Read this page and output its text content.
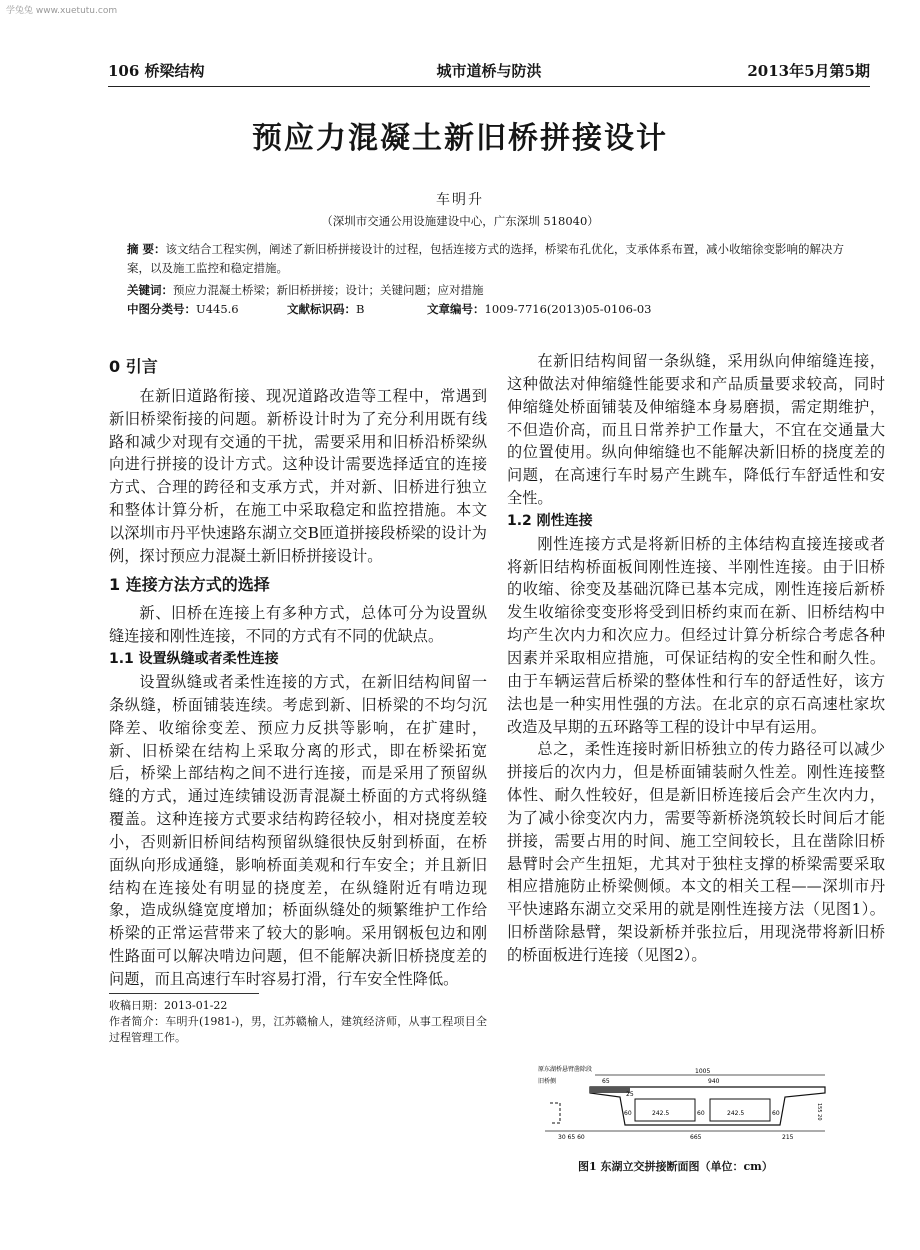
学兔兔 www.xuetutu.com
106 桥梁结构	城市道桥与防洪	2013年5月第5期
预应力混凝土新旧桥拼接设计
车明升
（深圳市交通公用设施建设中心，广东深圳 518040）
摘 要：该文结合工程实例，阐述了新旧桥拼接设计的过程，包括连接方式的选择，桥梁布孔优化，支承体系布置，减小收缩徐变影响的解决方案，以及施工监控和稳定措施。
关键词：预应力混凝土桥梁；新旧桥拼接；设计；关键问题；应对措施
中图分类号：U445.6	文献标识码：B	文章编号：1009-7716(2013)05-0106-03
0 引言

在新旧道路衔接、现况道路改造等工程中，常遇到新旧桥梁衔接的问题。新桥设计时为了充分利用既有线路和减少对现有交通的干扰，需要采用和旧桥沿桥梁纵向进行拼接的设计方式。这种设计需要选择适宜的连接方式、合理的跨径和支承方式，并对新、旧桥进行独立和整体计算分析，在施工中采取稳定和监控措施。本文以深圳市丹平快速路东湖立交B匝道拼接段桥梁的设计为例，探讨预应力混凝土新旧桥拼接设计。

1 连接方法方式的选择

新、旧桥在连接上有多种方式，总体可分为设置纵缝连接和刚性连接，不同的方式有不同的优缺点。

1.1 设置纵缝或者柔性连接

设置纵缝或者柔性连接的方式，在新旧结构间留一条纵缝，桥面铺装连续。考虑到新、旧桥梁的不均匀沉降差、收缩徐变差、预应力反拱等影响，在扩建时，新、旧桥梁在结构上采取分离的形式，即在桥梁拓宽后，桥梁上部结构之间不进行连接，而是采用了预留纵缝的方式，通过连续铺设沥青混凝土桥面的方式将纵缝覆盖。这种连接方式要求结构跨径较小，相对挠度差较小，否则新旧桥间结构预留纵缝很快反射到桥面，在桥面纵向形成通缝，影响桥面美观和行车安全；并且新旧结构在连接处有明显的挠度差，在纵缝附近有啃边现象，造成纵缝宽度增加；桥面纵缝处的频繁维护工作给桥梁的正常运营带来了较大的影响。采用钢板包边和刚性路面可以解决啃边问题，但不能解决新旧桥挠度差的问题，而且高速行车时容易打滑，行车安全性降低。

收稿日期：2013-01-22

作者简介：车明升(1981-)，男，江苏赣榆人，建筑经济师，从事工程项目全过程管理工作。

在新旧结构间留一条纵缝，采用纵向伸缩缝连接，这种做法对伸缩缝性能要求和产品质量要求较高，同时伸缩缝处桥面铺装及伸缩缝本身易磨损，需定期维护，不但造价高，而且日常养护工作量大，不宜在交通量大的位置使用。纵向伸缩缝也不能解决新旧桥的挠度差的问题，在高速行车时易产生跳车，降低行车舒适性和安全性。

1.2 刚性连接

刚性连接方式是将新旧桥的主体结构直接连接或者将新旧结构桥面板间刚性连接、半刚性连接。由于旧桥的收缩、徐变及基础沉降已基本完成，刚性连接后新桥发生收缩徐变变形将受到旧桥约束而在新、旧桥结构中均产生次内力和次应力。但经过计算分析综合考虑各种因素并采取相应措施，可保证结构的安全性和耐久性。由于车辆运营后桥梁的整体性和行车的舒适性好，该方法也是一种实用性强的方法。在北京的京石高速杜家坎改造及早期的五环路等工程的设计中早有运用。

总之，柔性连接时新旧桥独立的传力路径可以减少拼接后的次内力，但是桥面铺装耐久性差。刚性连接整体性、耐久性较好，但是新旧桥连接后会产生次内力，为了减小徐变次内力，需要等新桥浇筑较长时间后才能拼接，需要占用的时间、施工空间较长，且在凿除旧桥悬臂时会产生扭矩，尤其对于独柱支撑的桥梁需要采取相应措施防止桥梁侧倾。本文的相关工程——深圳市丹平快速路东湖立交采用的就是刚性连接方法（见图1）。旧桥凿除悬臂，架设新桥并张拉后，用现浇带将新旧桥的桥面板进行连接（见图2）。

原东湖桥悬臂凿除段
旧桥侧
1005
940
65
60	242.5	60	242.5	60
25
30 65 60	665	215
155 20
图1 东湖立交拼接断面图（单位：cm）
